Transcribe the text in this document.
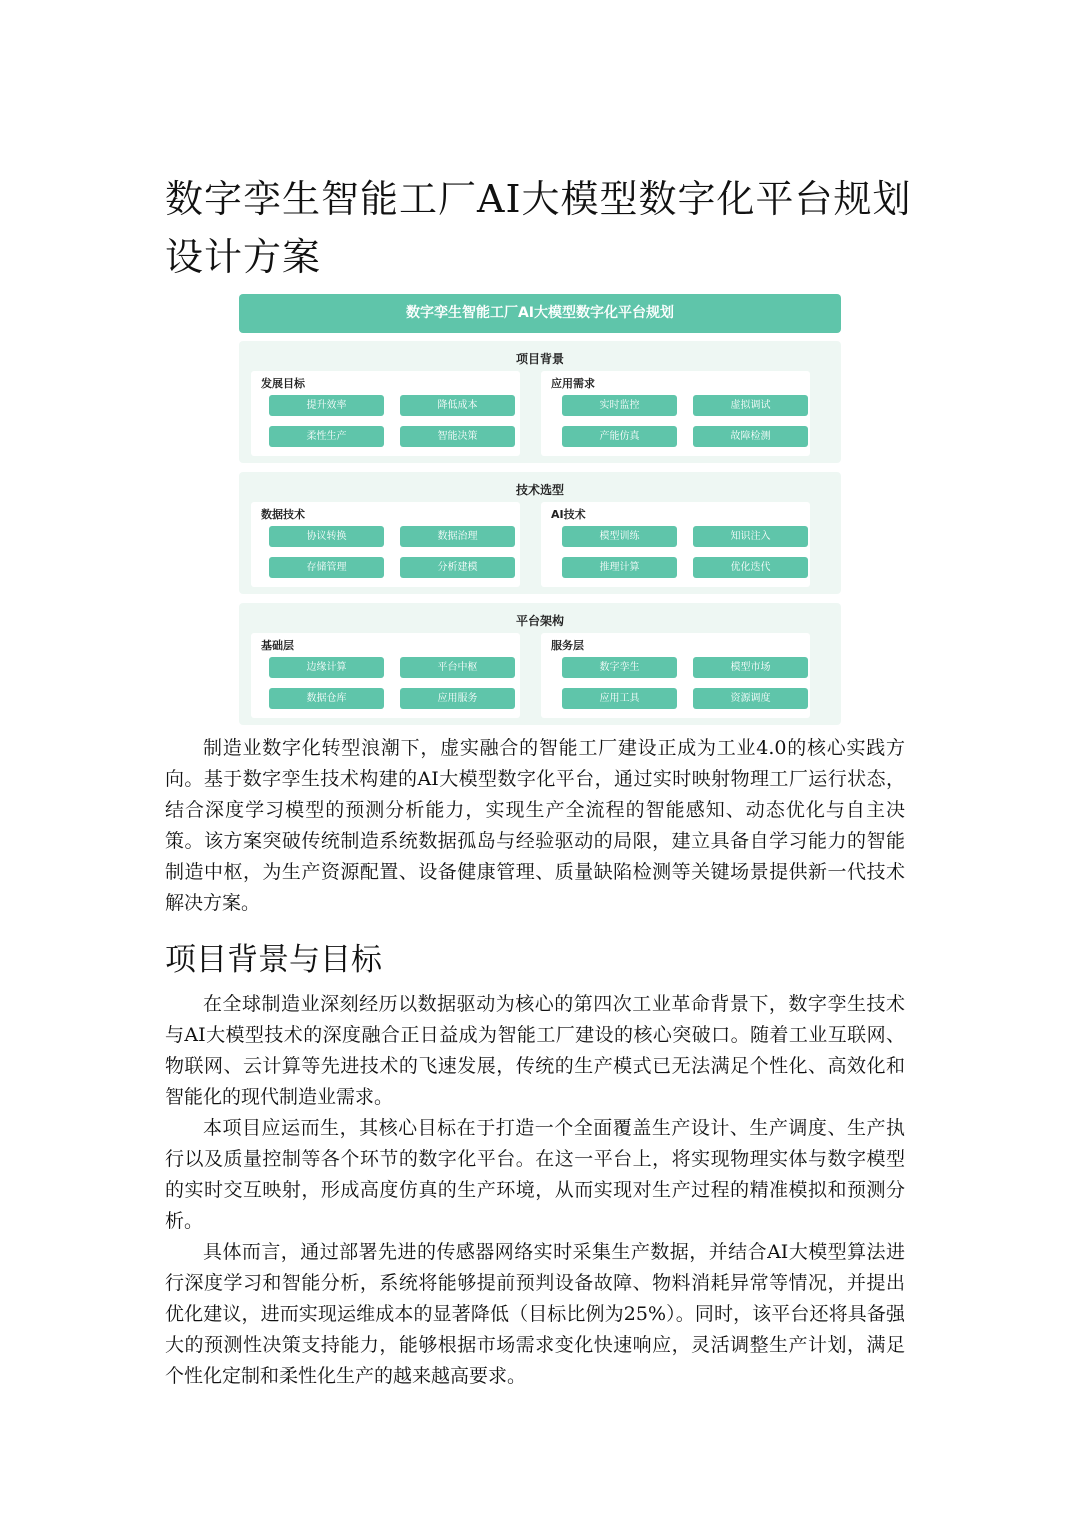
数字孪生智能工厂AI大模型数字化平台规划设计方案
数字孪生智能工厂AI大模型数字化平台规划
项目背景
发展目标
提升效率	降低成本
柔性生产	智能决策
应用需求
实时监控	虚拟调试
产能仿真	故障检测
技术选型
数据技术
协议转换	数据治理
存储管理	分析建模
AI技术
模型训练	知识注入
推理计算	优化迭代
平台架构
基础层
边缘计算	平台中枢
数据仓库	应用服务
服务层
数字孪生	模型市场
应用工具	资源调度

制造业数字化转型浪潮下，虚实融合的智能工厂建设正成为工业4.0的核心实践方向。基于数字孪生技术构建的AI大模型数字化平台，通过实时映射物理工厂运行状态，结合深度学习模型的预测分析能力，实现生产全流程的智能感知、动态优化与自主决策。该方案突破传统制造系统数据孤岛与经验驱动的局限，建立具备自学习能力的智能制造中枢，为生产资源配置、设备健康管理、质量缺陷检测等关键场景提供新一代技术解决方案。

项目背景与目标

在全球制造业深刻经历以数据驱动为核心的第四次工业革命背景下，数字孪生技术与AI大模型技术的深度融合正日益成为智能工厂建设的核心突破口。随着工业互联网、物联网、云计算等先进技术的飞速发展，传统的生产模式已无法满足个性化、高效化和智能化的现代制造业需求。

本项目应运而生，其核心目标在于打造一个全面覆盖生产设计、生产调度、生产执行以及质量控制等各个环节的数字化平台。在这一平台上，将实现物理实体与数字模型的实时交互映射，形成高度仿真的生产环境，从而实现对生产过程的精准模拟和预测分析。

具体而言，通过部署先进的传感器网络实时采集生产数据，并结合AI大模型算法进行深度学习和智能分析，系统将能够提前预判设备故障、物料消耗异常等情况，并提出优化建议，进而实现运维成本的显著降低（目标比例为25%）。同时，该平台还将具备强大的预测性决策支持能力，能够根据市场需求变化快速响应，灵活调整生产计划，满足个性化定制和柔性化生产的越来越高要求。
